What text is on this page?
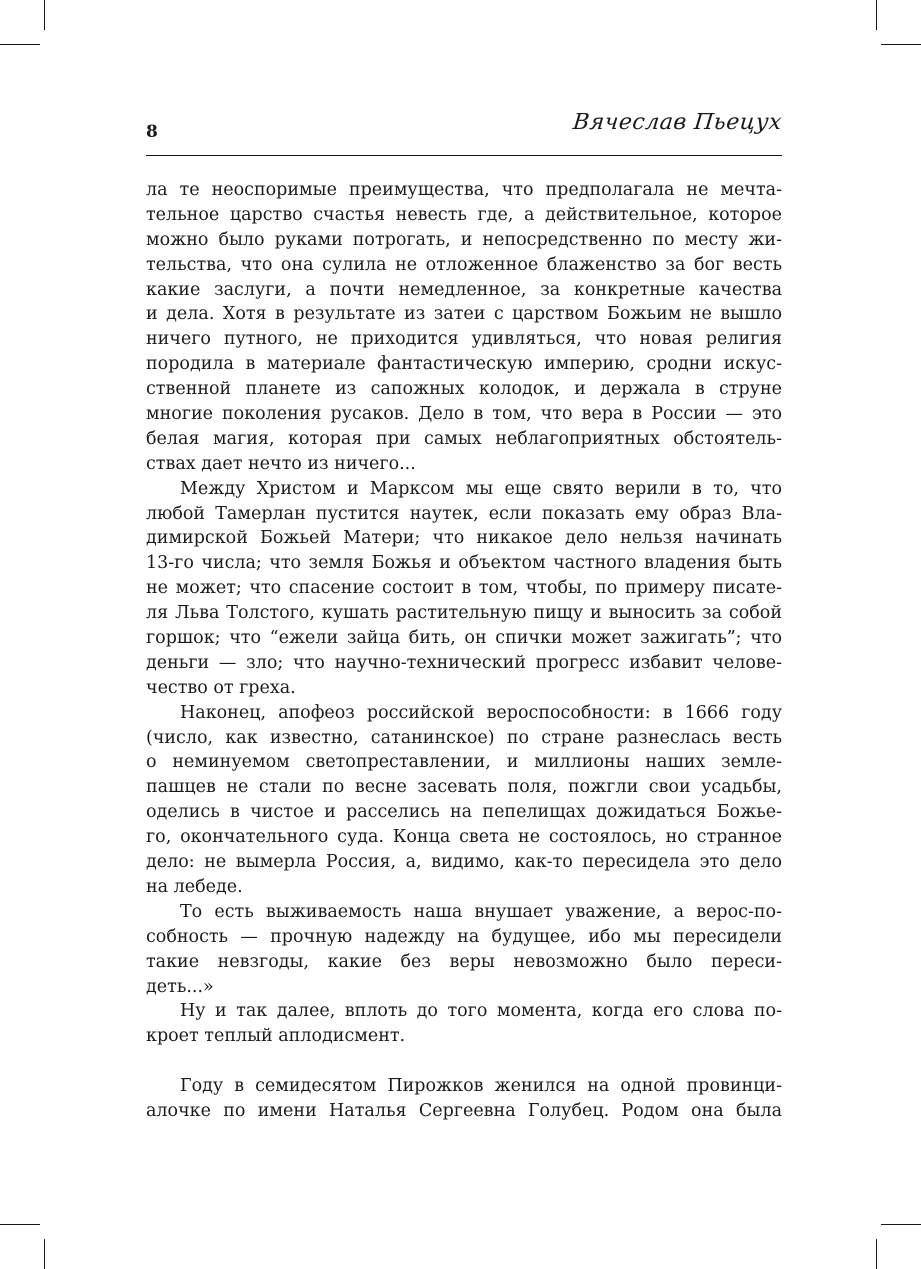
8	Вячеслав Пьецух
ла те неоспоримые преимущества, что предполагала не мечта-
тельное царство счастья невесть где, а действительное, которое
можно было руками потрогать, и непосредственно по месту жи-
тельства, что она сулила не отложенное блаженство за бог весть
какие заслуги, а почти немедленное, за конкретные качества
и дела. Хотя в результате из затеи с царством Божьим не вышло
ничего путного, не приходится удивляться, что новая религия
породила в материале фантастическую империю, сродни искус-
ственной планете из сапожных колодок, и держала в струне
многие поколения русаков. Дело в том, что вера в России — это
белая магия, которая при самых неблагоприятных обстоятель-
ствах дает нечто из ничего...
Между Христом и Марксом мы еще свято верили в то, что
любой Тамерлан пустится наутек, если показать ему образ Вла-
димирской Божьей Матери; что никакое дело нельзя начинать
13-го числа; что земля Божья и объектом частного владения быть
не может; что спасение состоит в том, чтобы, по примеру писате-
ля Льва Толстого, кушать растительную пищу и выносить за собой
горшок; что “ежели зайца бить, он спички может зажигать”; что
деньги — зло; что научно-технический прогресс избавит челове-
чество от греха.
Наконец, апофеоз российской вероспособности: в 1666 году
(число, как известно, сатанинское) по стране разнеслась весть
о неминуемом светопреставлении, и миллионы наших земле-
пашцев не стали по весне засевать поля, пожгли свои усадьбы,
оделись в чистое и расселись на пепелищах дожидаться Божье-
го, окончательного суда. Конца света не состоялось, но странное
дело: не вымерла Россия, а, видимо, как-то пересидела это дело
на лебеде.
То есть выживаемость наша внушает уважение, а верос-по-
собность — прочную надежду на будущее, ибо мы пересидели
такие невзгоды, какие без веры невозможно было переси-
деть...»
Ну и так далее, вплоть до того момента, когда его слова по-
кроет теплый аплодисмент.
Году в семидесятом Пирожков женился на одной провинци-
алочке по имени Наталья Сергеевна Голубец. Родом она была
